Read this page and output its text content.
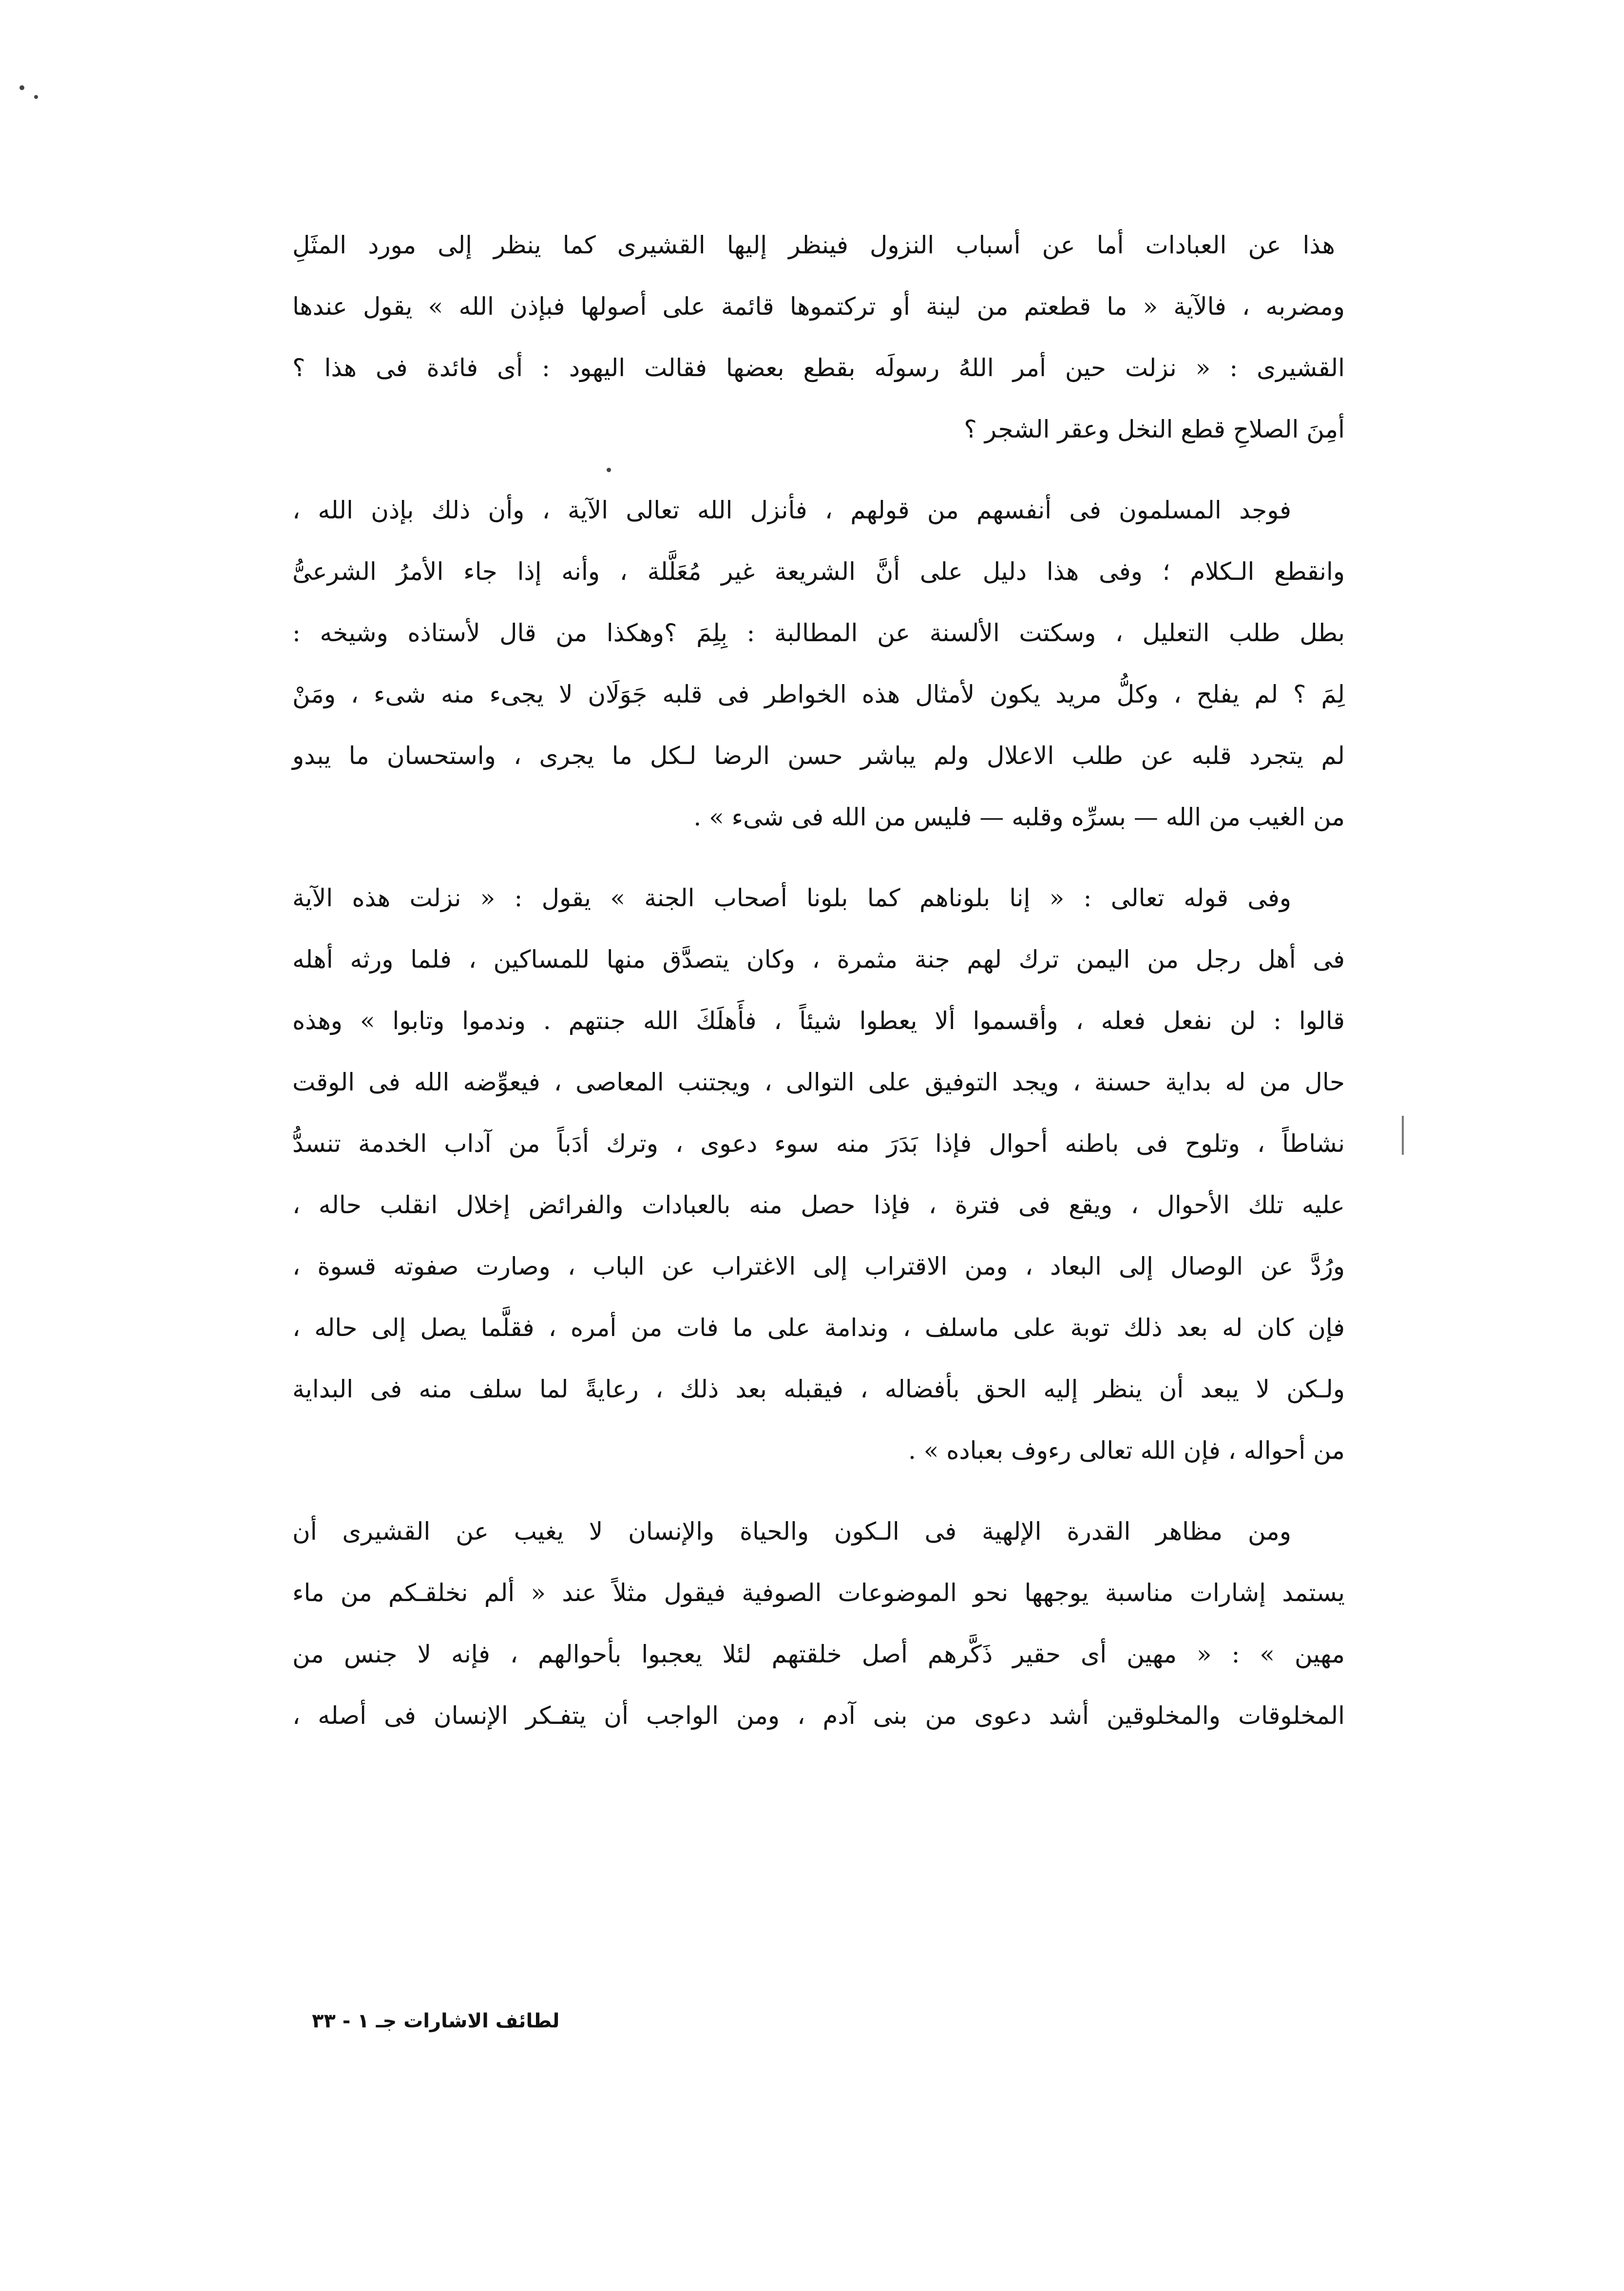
هذا عن العبادات أما عن أسباب النزول فينظر إليها القشيرى كما ينظر إلى مورد المثَلِ
ومضربه ، فالآية « ما قطعتم من لينة أو تركتموها قائمة على أصولها فبإذن الله » يقول عندها
القشيرى : « نزلت حين أمر اللهُ رسولَه بقطع بعضها فقالت اليهود : أى فائدة فى هذا ؟
أمِنَ الصلاحِ قطع النخل وعقر الشجر ؟

فوجد المسلمون فى أنفسهم من قولهم ، فأنزل الله تعالى الآية ، وأن ذلك بإذن الله ،
وانقطع الـكلام ؛ وفى هذا دليل على أنَّ الشريعة غير مُعَلَّلة ، وأنه إذا جاء الأمرُ الشرعىُّ
بطل طلب التعليل ، وسكتت الألسنة عن المطالبة : بِلِمَ ؟وهكذا من قال لأستاذه وشيخه :
لِمَ ؟ لم يفلح ، وكلُّ مريد يكون لأمثال هذه الخواطر فى قلبه جَوَلَان لا يجىء منه شىء ، ومَنْ
لم يتجرد قلبه عن طلب الاعلال ولم يباشر حسن الرضا لـكل ما يجرى ، واستحسان ما يبدو
من الغيب من الله — بسرِّه وقلبه — فليس من الله فى شىء » .

وفى قوله تعالى : « إنا بلوناهم كما بلونا أصحاب الجنة » يقول : « نزلت هذه الآية
فى أهل رجل من اليمن ترك لهم جنة مثمرة ، وكان يتصدَّق منها للمساكين ، فلما ورثه أهله
قالوا : لن نفعل فعله ، وأقسموا ألا يعطوا شيئاً ، فأَهلَكَ الله جنتهم . وندموا وتابوا » وهذه
حال من له بداية حسنة ، ويجد التوفيق على التوالى ، ويجتنب المعاصى ، فيعوِّضه الله فى الوقت
نشاطاً ، وتلوح فى باطنه أحوال فإذا بَدَرَ منه سوء دعوى ، وترك أدَباً من آداب الخدمة تنسدُّ
عليه تلك الأحوال ، ويقع فى فترة ، فإذا حصل منه بالعبادات والفرائض إخلال انقلب حاله ،
ورُدَّ عن الوصال إلى البعاد ، ومن الاقتراب إلى الاغتراب عن الباب ، وصارت صفوته قسوة ،
فإن كان له بعد ذلك توبة على ماسلف ، وندامة على ما فات من أمره ، فقلَّما يصل إلى حاله ،
ولـكن لا يبعد أن ينظر إليه الحق بأفضاله ، فيقبله بعد ذلك ، رعايةً لما سلف منه فى البداية
من أحواله ، فإن الله تعالى رءوف بعباده » .

ومن مظاهر القدرة الإلهية فى الـكون والحياة والإنسان لا يغيب عن القشيرى أن
يستمد إشارات مناسبة يوجهها نحو الموضوعات الصوفية فيقول مثلاً عند « ألم نخلقـكم من ماء
مهين » : « مهين أى حقير ذَكَّرهم أصل خلقتهم لئلا يعجبوا بأحوالهم ، فإنه لا جنس من
المخلوقات والمخلوقين أشد دعوى من بنى آدم ، ومن الواجب أن يتفـكر الإنسان فى أصله ،

لطائف الاشارات جـ ١ - ٣٣
